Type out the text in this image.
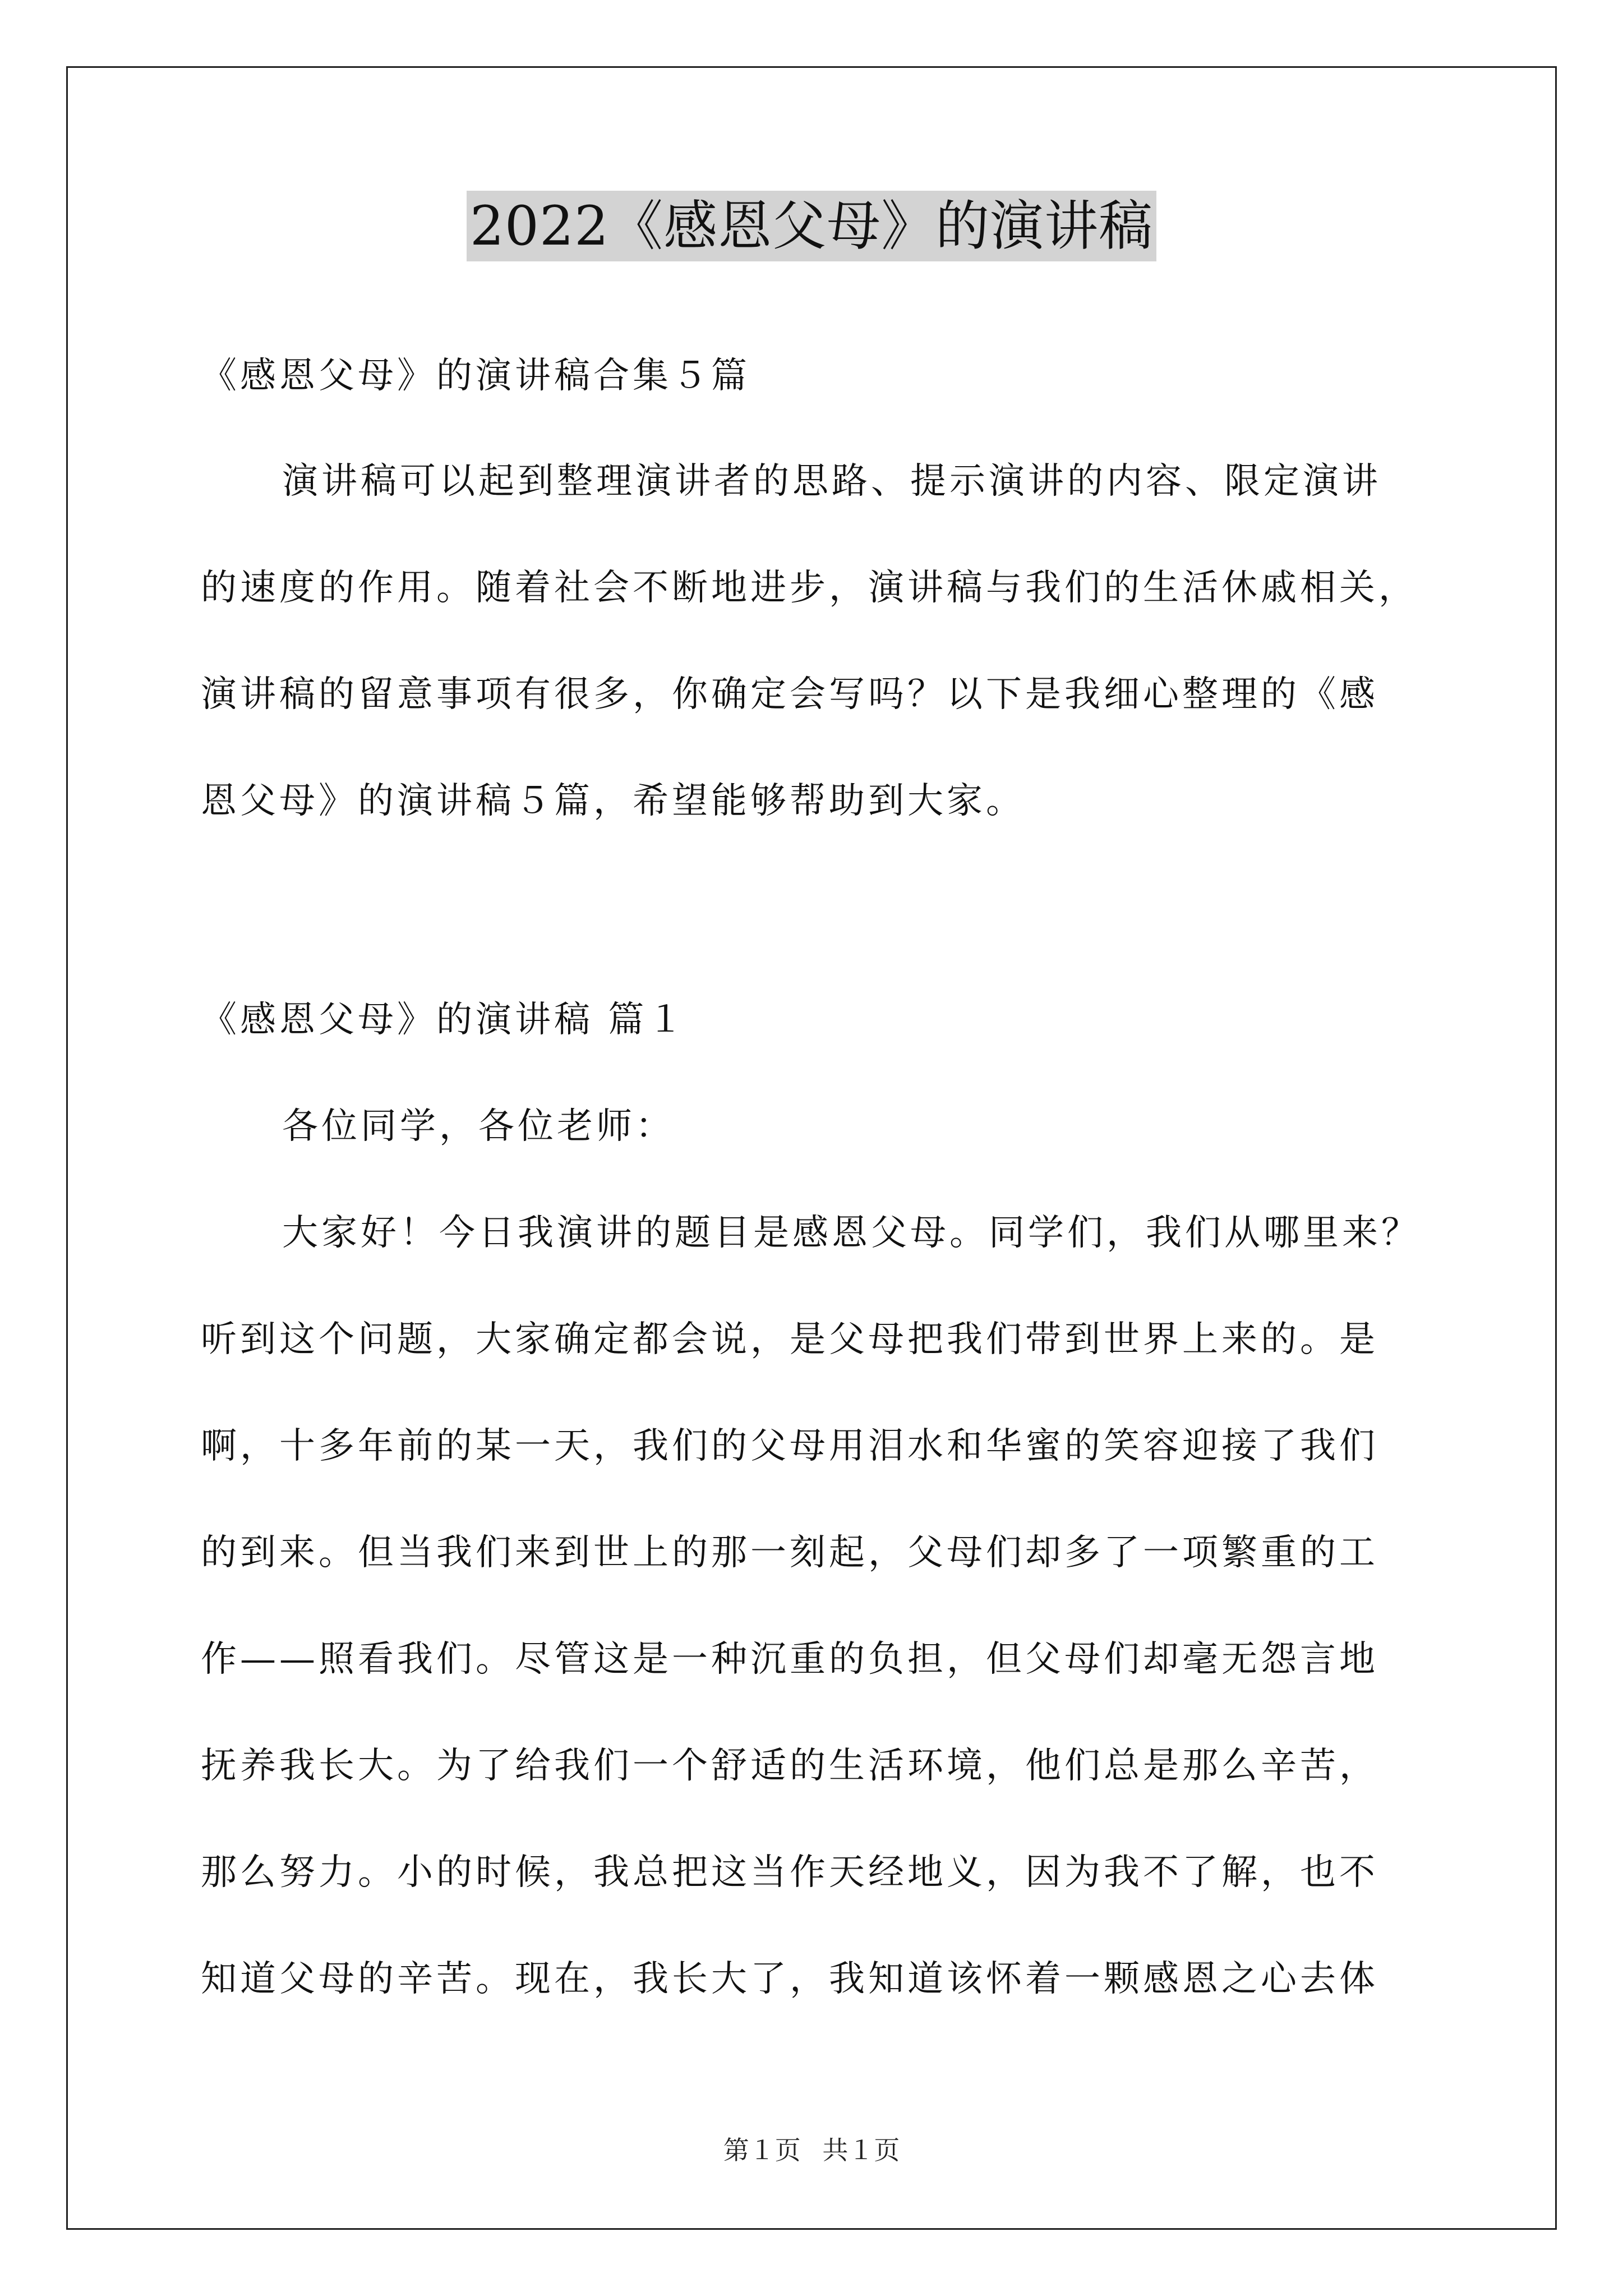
2022《感恩父母》的演讲稿
《感恩父母》的演讲稿合集５篇
演讲稿可以起到整理演讲者的思路、提示演讲的内容、限定演讲
的速度的作用。随着社会不断地进步，演讲稿与我们的生活休戚相关，
演讲稿的留意事项有很多，你确定会写吗？以下是我细心整理的《感
恩父母》的演讲稿５篇，希望能够帮助到大家。
《感恩父母》的演讲稿 篇１
各位同学，各位老师：
大家好！今日我演讲的题目是感恩父母。同学们，我们从哪里来？
听到这个问题，大家确定都会说，是父母把我们带到世界上来的。是
啊，十多年前的某一天，我们的父母用泪水和华蜜的笑容迎接了我们
的到来。但当我们来到世上的那一刻起，父母们却多了一项繁重的工
作——照看我们。尽管这是一种沉重的负担，但父母们却毫无怨言地
抚养我长大。为了给我们一个舒适的生活环境，他们总是那么辛苦，
那么努力。小的时候，我总把这当作天经地义，因为我不了解，也不
知道父母的辛苦。现在，我长大了，我知道该怀着一颗感恩之心去体
第１页 共１页
